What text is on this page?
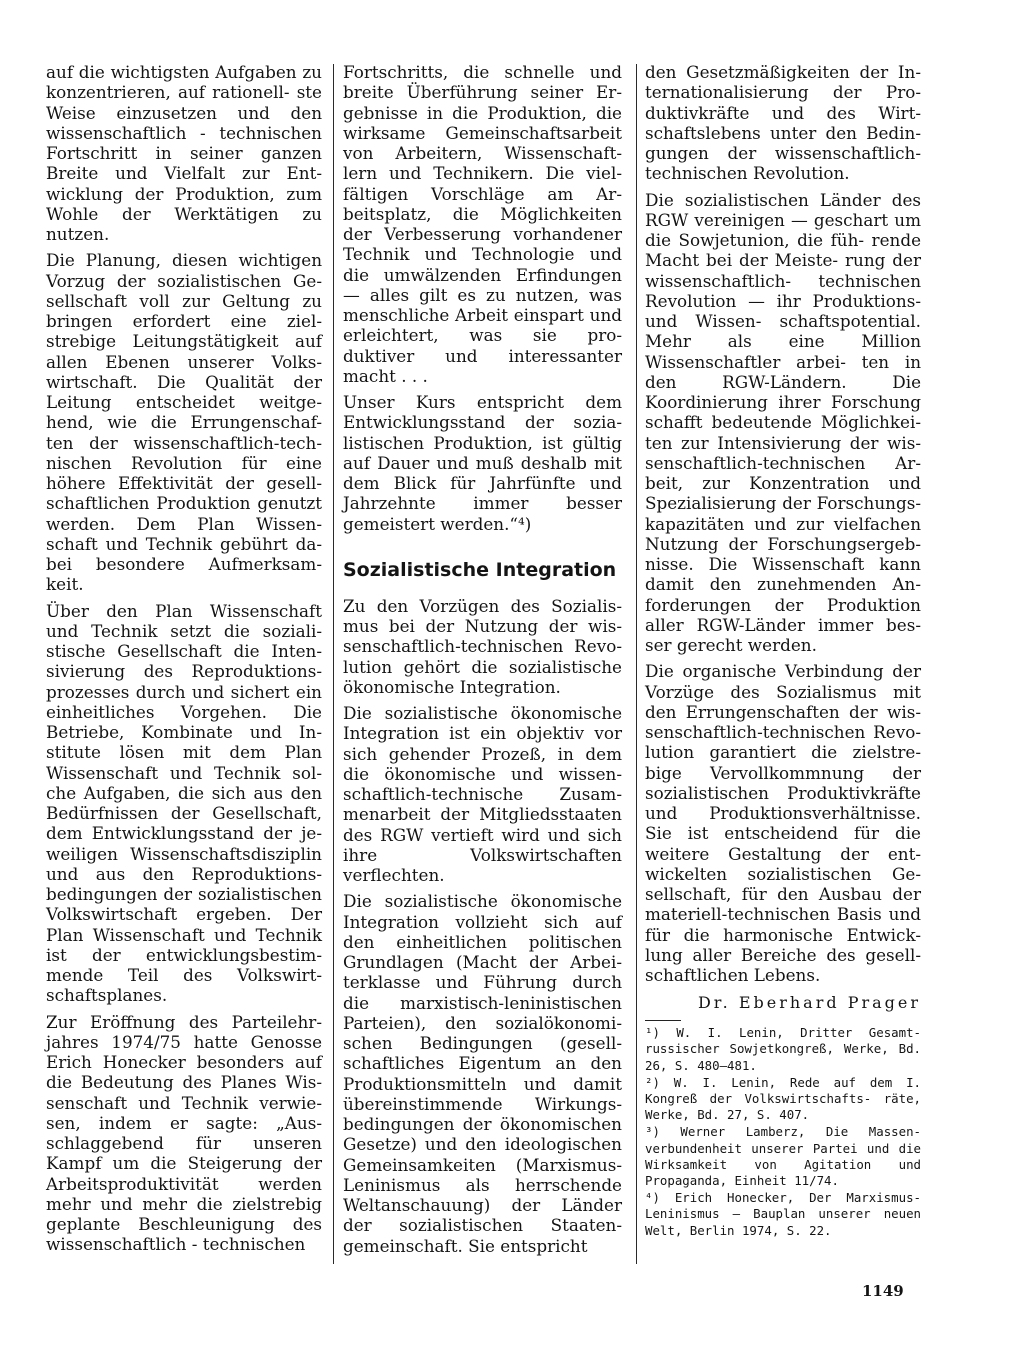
auf die wichtigsten Aufgaben zu konzentrieren, auf rationell- ste Weise einzusetzen und den wissenschaftlich - technischen Fortschritt in seiner ganzen Breite und Vielfalt zur Ent- wicklung der Produktion, zum Wohle der Werktätigen zu nutzen.

Die Planung, diesen wichtigen Vorzug der sozialistischen Ge- sellschaft voll zur Geltung zu bringen erfordert eine ziel- strebige Leitungstätigkeit auf allen Ebenen unserer Volks- wirtschaft. Die Qualität der Leitung entscheidet weitge- hend, wie die Errungenschaf- ten der wissenschaftlich-tech- nischen Revolution für eine höhere Effektivität der gesell- schaftlichen Produktion genutzt werden. Dem Plan Wissen- schaft und Technik gebührt da- bei besondere Aufmerksam- keit.

Über den Plan Wissenschaft und Technik setzt die soziali- stische Gesellschaft die Inten- sivierung des Reproduktions- prozesses durch und sichert ein einheitliches Vorgehen. Die Betriebe, Kombinate und In- stitute lösen mit dem Plan Wissenschaft und Technik sol- che Aufgaben, die sich aus den Bedürfnissen der Gesellschaft, dem Entwicklungsstand der je- weiligen Wissenschaftsdisziplin und aus den Reproduktions- bedingungen der sozialistischen Volkswirtschaft ergeben. Der Plan Wissenschaft und Technik ist der entwicklungsbestim- mende Teil des Volkswirt- schaftsplanes.

Zur Eröffnung des Parteilehr- jahres 1974/75 hatte Genosse Erich Honecker besonders auf die Bedeutung des Planes Wis- senschaft und Technik verwie- sen, indem er sagte: „Aus- schlaggebend für unseren Kampf um die Steigerung der Arbeitsproduktivität werden mehr und mehr die zielstrebig geplante Beschleunigung des wissenschaftlich - technischen

Fortschritts, die schnelle und breite Überführung seiner Er- gebnisse in die Produktion, die wirksame Gemeinschaftsarbeit von Arbeitern, Wissenschaft- lern und Technikern. Die viel- fältigen Vorschläge am Ar- beitsplatz, die Möglichkeiten der Verbesserung vorhandener Technik und Technologie und die umwälzenden Erfindungen — alles gilt es zu nutzen, was menschliche Arbeit einspart und erleichtert, was sie pro- duktiver und interessanter macht . . .

Unser Kurs entspricht dem Entwicklungsstand der sozia- listischen Produktion, ist gültig auf Dauer und muß deshalb mit dem Blick für Jahrfünfte und Jahrzehnte immer besser gemeistert werden.“⁴)

Sozialistische Integration

Zu den Vorzügen des Sozialis- mus bei der Nutzung der wis- senschaftlich-technischen Revo- lution gehört die sozialistische ökonomische Integration.

Die sozialistische ökonomische Integration ist ein objektiv vor sich gehender Prozeß, in dem die ökonomische und wissen- schaftlich-technische Zusam- menarbeit der Mitgliedsstaaten des RGW vertieft wird und sich ihre Volkswirtschaften verflechten.

Die sozialistische ökonomische Integration vollzieht sich auf den einheitlichen politischen Grundlagen (Macht der Arbei- terklasse und Führung durch die marxistisch-leninistischen Parteien), den sozialökonomi- schen Bedingungen (gesell- schaftliches Eigentum an den Produktionsmitteln und damit übereinstimmende Wirkungs- bedingungen der ökonomischen Gesetze) und den ideologischen Gemeinsamkeiten (Marxismus- Leninismus als herrschende Weltanschauung) der Länder der sozialistischen Staaten- gemeinschaft. Sie entspricht

den Gesetzmäßigkeiten der In- ternationalisierung der Pro- duktivkräfte und des Wirt- schaftslebens unter den Bedin- gungen der wissenschaftlich- technischen Revolution.

Die sozialistischen Länder des RGW vereinigen — geschart um die Sowjetunion, die füh- rende Macht bei der Meiste- rung der wissenschaftlich- technischen Revolution — ihr Produktions- und Wissen- schaftspotential. Mehr als eine Million Wissenschaftler arbei- ten in den RGW-Ländern. Die Koordinierung ihrer Forschung schafft bedeutende Möglichkei- ten zur Intensivierung der wis- senschaftlich-technischen Ar- beit, zur Konzentration und Spezialisierung der Forschungs- kapazitäten und zur vielfachen Nutzung der Forschungsergeb- nisse. Die Wissenschaft kann damit den zunehmenden An- forderungen der Produktion aller RGW-Länder immer bes- ser gerecht werden.

Die organische Verbindung der Vorzüge des Sozialismus mit den Errungenschaften der wis- senschaftlich-technischen Revo- lution garantiert die zielstre- bige Vervollkommnung der sozialistischen Produktivkräfte und Produktionsverhältnisse. Sie ist entscheidend für die weitere Gestaltung der ent- wickelten sozialistischen Ge- sellschaft, für den Ausbau der materiell-technischen Basis und für die harmonische Entwick- lung aller Bereiche des gesell- schaftlichen Lebens.

Dr. Eberhard Prager
¹) W. I. Lenin, Dritter Gesamt- russischer Sowjetkongreß, Werke, Bd. 26, S. 480–481.
²) W. I. Lenin, Rede auf dem I. Kongreß der Volkswirtschafts- räte, Werke, Bd. 27, S. 407.
³) Werner Lamberz, Die Massen- verbundenheit unserer Partei und die Wirksamkeit von Agitation und Propaganda, Einheit 11/74.
⁴) Erich Honecker, Der Marxismus- Leninismus – Bauplan unserer neuen Welt, Berlin 1974, S. 22.
1149
